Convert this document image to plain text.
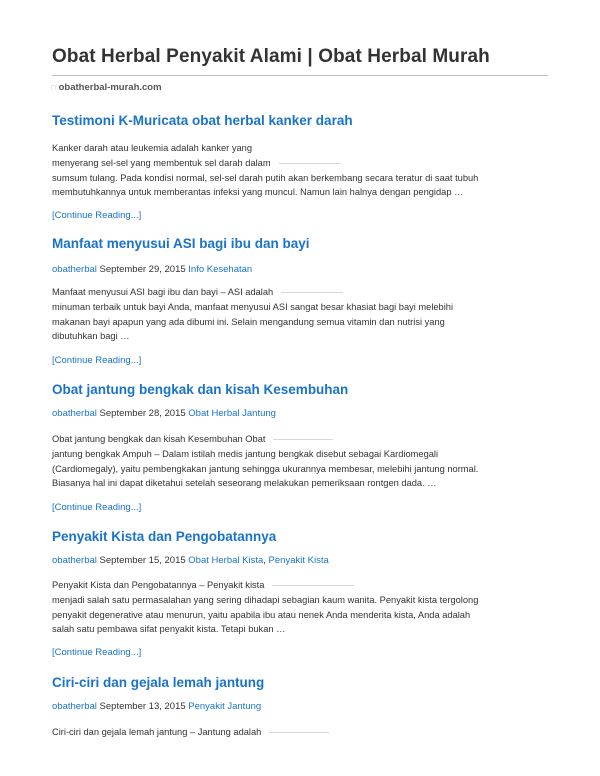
Obat Herbal Penyakit Alami | Obat Herbal Murah
◻ obatherbal-murah.com
Testimoni K-Muricata obat herbal kanker darah
Kanker darah atau leukemia adalah kanker yang
menyerang sel-sel yang membentuk sel darah dalam
sumsum tulang. Pada kondisi normal, sel-sel darah putih akan berkembang secara teratur di saat tubuh
membutuhkannya untuk memberantas infeksi yang muncul. Namun lain halnya dengan pengidap …
[Continue Reading...]
Manfaat menyusui ASI bagi ibu dan bayi
obatherbal September 29, 2015 Info Kesehatan
Manfaat menyusui ASI bagi ibu dan bayi – ASI adalah
minuman terbaik untuk bayi Anda, manfaat menyusui ASI sangat besar khasiat bagi bayi melebihi
makanan bayi apapun yang ada dibumi ini. Selain mengandung semua vitamin dan nutrisi yang
dibutuhkan bagi …
[Continue Reading...]
Obat jantung bengkak dan kisah Kesembuhan
obatherbal September 28, 2015 Obat Herbal Jantung
Obat jantung bengkak dan kisah Kesembuhan Obat
jantung bengkak Ampuh – Dalam istilah medis jantung bengkak disebut sebagai Kardiomegali
(Cardiomegaly), yaitu pembengkakan jantung sehingga ukurannya membesar, melebihi jantung normal.
Biasanya hal ini dapat diketahui setelah seseorang melakukan pemeriksaan rontgen dada. …
[Continue Reading...]
Penyakit Kista dan Pengobatannya
obatherbal September 15, 2015 Obat Herbal Kista, Penyakit Kista
Penyakit Kista dan Pengobatannya – Penyakit kista
menjadi salah satu permasalahan yang sering dihadapi sebagian kaum wanita. Penyakit kista tergolong
penyakit degenerative atau menurun, yaitu apabila ibu atau nenek Anda menderita kista, Anda adalah
salah satu pembawa sifat penyakit kista. Tetapi bukan …
[Continue Reading...]
Ciri-ciri dan gejala lemah jantung
obatherbal September 13, 2015 Penyakit Jantung
Ciri-ciri dan gejala lemah jantung – Jantung adalah
